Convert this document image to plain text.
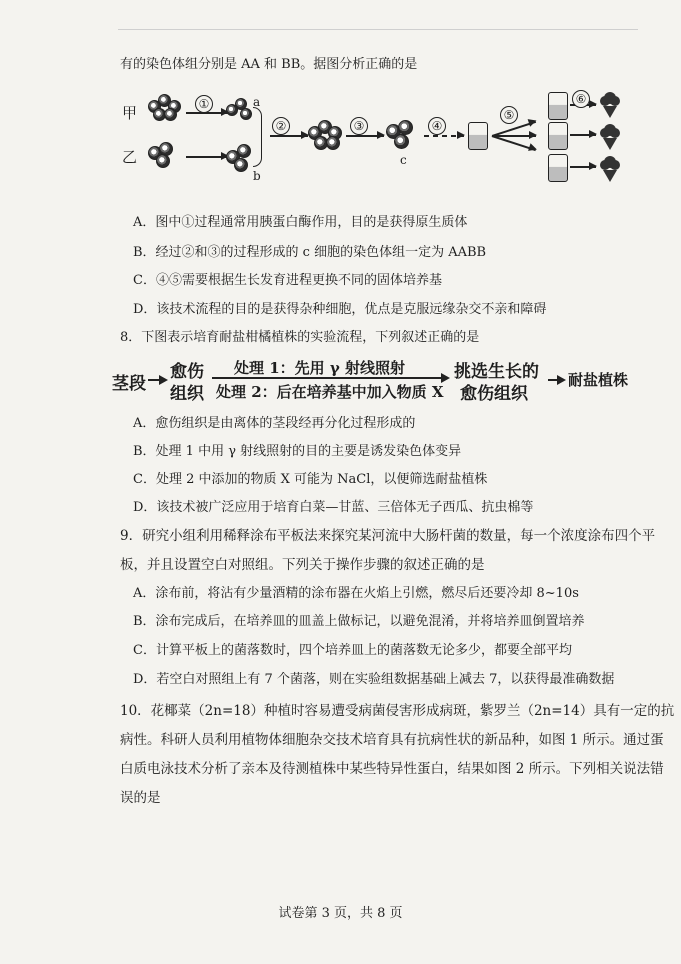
有的染色体组分别是 AA 和 BB。据图分析正确的是
甲
乙
①	a
b
②	③
c
④
⑤
⑥
A．图中①过程通常用胰蛋白酶作用，目的是获得原生质体
B．经过②和③的过程形成的 c 细胞的染色体组一定为 AABB
C．④⑤需要根据生长发育进程更换不同的固体培养基
D．该技术流程的目的是获得杂种细胞，优点是克服远缘杂交不亲和障碍
8．下图表示培育耐盐柑橘植株的实验流程，下列叙述正确的是
茎段
愈伤
组织
处理 1：先用 γ 射线照射
处理 2：后在培养基中加入物质 X
挑选生长的
愈伤组织
耐盐植株
A．愈伤组织是由离体的茎段经再分化过程形成的
B．处理 1 中用 γ 射线照射的目的主要是诱发染色体变异
C．处理 2 中添加的物质 X 可能为 NaCl，以便筛选耐盐植株
D．该技术被广泛应用于培育白菜—甘蓝、三倍体无子西瓜、抗虫棉等
9．研究小组利用稀释涂布平板法来探究某河流中大肠杆菌的数量，每一个浓度涂布四个平
板，并且设置空白对照组。下列关于操作步骤的叙述正确的是
A．涂布前，将沾有少量酒精的涂布器在火焰上引燃，燃尽后还要冷却 8~10s
B．涂布完成后，在培养皿的皿盖上做标记，以避免混淆，并将培养皿倒置培养
C．计算平板上的菌落数时，四个培养皿上的菌落数无论多少，都要全部平均
D．若空白对照组上有 7 个菌落，则在实验组数据基础上减去 7，以获得最准确数据
10．花椰菜（2n=18）种植时容易遭受病菌侵害形成病斑，紫罗兰（2n=14）具有一定的抗
病性。科研人员利用植物体细胞杂交技术培育具有抗病性状的新品种，如图 1 所示。通过蛋
白质电泳技术分析了亲本及待测植株中某些特异性蛋白，结果如图 2 所示。下列相关说法错
误的是
试卷第 3 页，共 8 页
